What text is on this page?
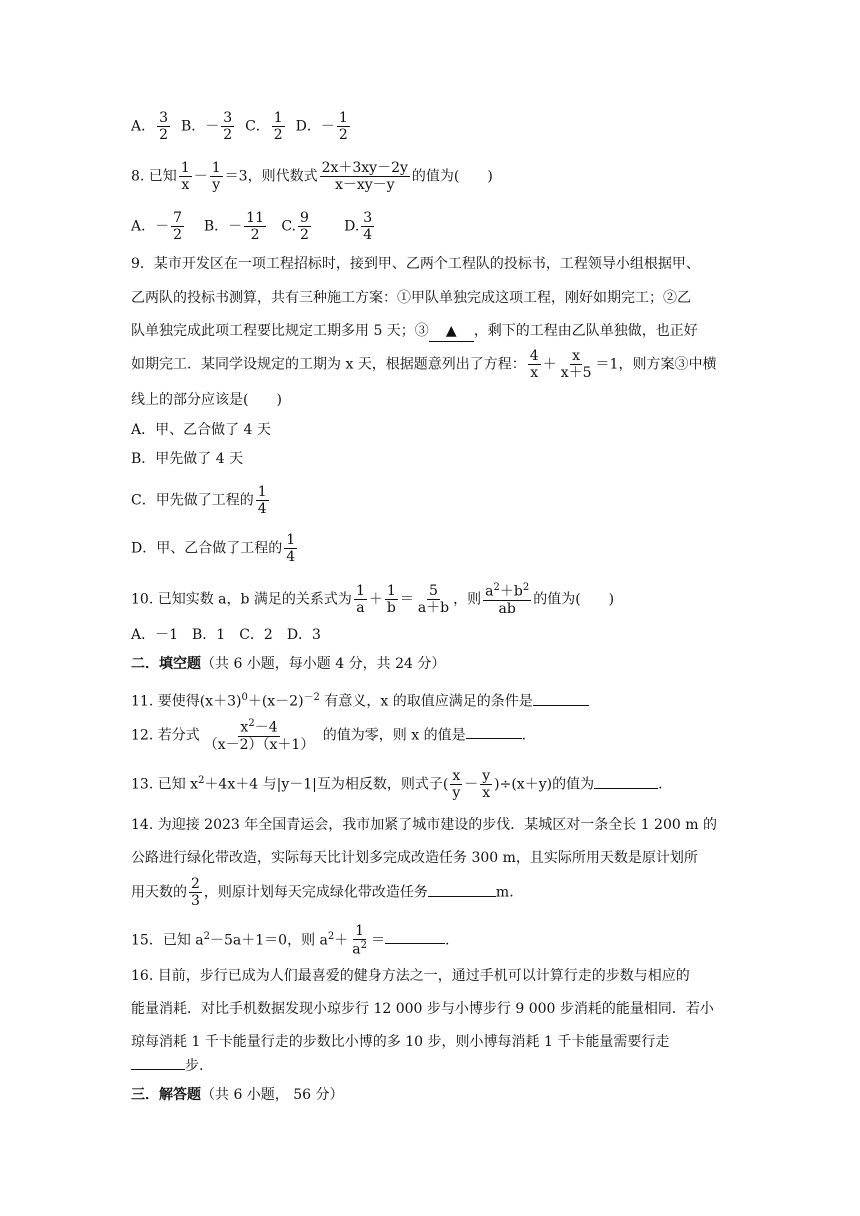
A． $\frac{3}{2}$ B．－ $\frac{3}{2}$ C． $\frac{1}{2}$ D．－ $\frac{1}{2}$
8. 已知 $\frac{1}{x} - \frac{1}{y} =3$，则代数式 $\frac{2x+3xy-2y}{x-xy-y}$ 的值为(　　)
A．－ $\frac{7}{2}$ B．－ $\frac{11}{2} C$. $\frac{9}{2} D$. $\frac{3}{4}$
9．某市开发区在一项工程招标时，接到甲、乙两个工程队的投标书，工程领导小组根据甲、
乙两队的投标书测算，共有三种施工方案：①甲队单独完成这项工程，刚好如期完工；②乙
队单独完成此项工程要比规定工期多用 5 天；③ ▲ ，剩下的工程由乙队单独做，也正好
如期完工．某同学设规定的工期为 x 天，根据题意列出了方程： $\frac{4}{x} + \frac{x}{x+5} =1$，则方案③中横
线上的部分应该是(　　)
A．甲、乙合做了 4 天
B．甲先做了 4 天
C．甲先做了工程的 $\frac{1}{4}$
D．甲、乙合做了工程的 $\frac{1}{4}$
10. 已知实数 a，b 满足的关系式为 $\frac{1}{a} + \frac{1}{b} = \frac{5}{a+b}$ ，则 $\frac{a^2+b^2}{ab}$ 的值为(　　)
A．－1　B．1　C．2　D．3
二．填空题（共 6 小题，每小题 4 分，共 24 分）
11. 要使得$(x+3)^0+(x-2)^{-2}$ 有意义，x 的取值应满足的条件是
12. 若分式 $\frac{x^2-4}{(x-2)(x+1)}$ 的值为零，则 x 的值是	.
13. 已知 $x^2+4x+4$ 与|y－1|互为相反数，则式子( $\frac{x}{y} - \frac{y}{x} )\div(x+y)$的值为	.
14. 为迎接 2023 年全国青运会，我市加紧了城市建设的步伐．某城区对一条全长 1 200 m 的
公路进行绿化带改造，实际每天比计划多完成改造任务 300 m，且实际所用天数是原计划所
用天数的 $\frac{2}{3}$ ，则原计划每天完成绿化带改造任务	m.
15．已知 $a^2-5a+1=0$，则 $a^2+ \frac{1}{a^2}$ ＝	.
16. 目前，步行已成为人们最喜爱的健身方法之一，通过手机可以计算行走的步数与相应的
能量消耗．对比手机数据发现小琼步行 12 000 步与小博步行 9 000 步消耗的能量相同．若小
琼每消耗 1 千卡能量行走的步数比小博的多 10 步，则小博每消耗 1 千卡能量需要行走
步.
三．解答题（共 6 小题， 56 分）
